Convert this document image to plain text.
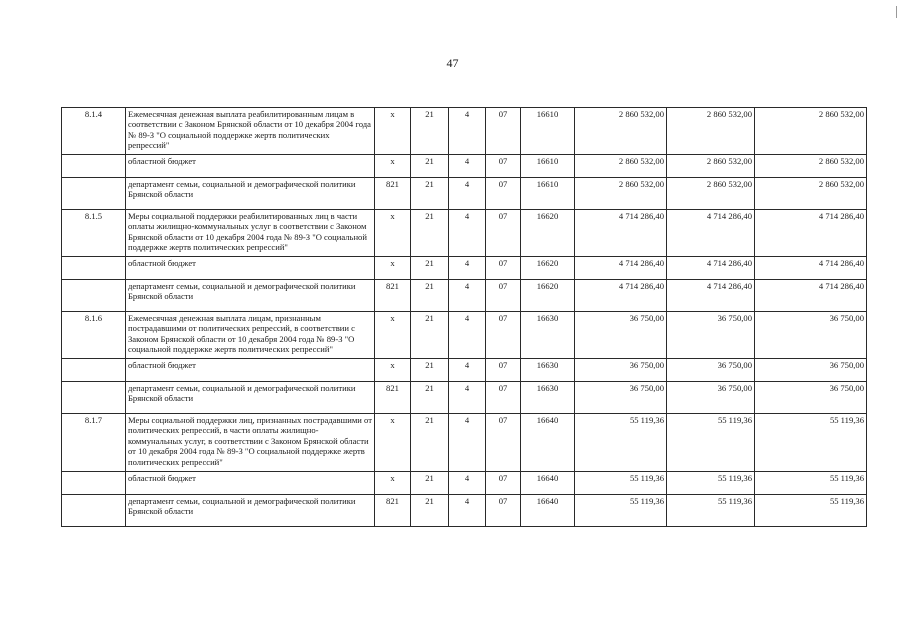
47
8.1.4	Ежемесячная денежная выплата реабилитированным лицам в соответствии с Законом Брянской области от 10 декабря 2004 года № 89-З "О социальной поддержке жертв политических репрессий"	х	21	4	07	16610	2 860 532,00	2 860 532,00	2 860 532,00
	областной бюджет	х	21	4	07	16610	2 860 532,00	2 860 532,00	2 860 532,00
	департамент семьи, социальной и демографической политики Брянской области	821	21	4	07	16610	2 860 532,00	2 860 532,00	2 860 532,00
8.1.5	Меры социальной поддержки реабилитированных лиц в части оплаты жилищно-коммунальных услуг в соответствии с Законом Брянской области от 10 декабря 2004 года № 89-З "О социальной поддержке жертв политических репрессий"	х	21	4	07	16620	4 714 286,40	4 714 286,40	4 714 286,40
	областной бюджет	х	21	4	07	16620	4 714 286,40	4 714 286,40	4 714 286,40
	департамент семьи, социальной и демографической политики Брянской области	821	21	4	07	16620	4 714 286,40	4 714 286,40	4 714 286,40
8.1.6	Ежемесячная денежная выплата лицам, признанным пострадавшими от политических репрессий, в соответствии с Законом Брянской области от 10 декабря 2004 года № 89-З "О социальной поддержке жертв политических репрессий"	х	21	4	07	16630	36 750,00	36 750,00	36 750,00
	областной бюджет	х	21	4	07	16630	36 750,00	36 750,00	36 750,00
	департамент семьи, социальной и демографической политики Брянской области	821	21	4	07	16630	36 750,00	36 750,00	36 750,00
8.1.7	Меры социальной поддержки лиц, признанных пострадавшими от политических репрессий, в части оплаты жилищно-коммунальных услуг, в соответствии с Законом Брянской области от 10 декабря 2004 года № 89-З "О социальной поддержке жертв политических репрессий"	х	21	4	07	16640	55 119,36	55 119,36	55 119,36
	областной бюджет	х	21	4	07	16640	55 119,36	55 119,36	55 119,36
	департамент семьи, социальной и демографической политики Брянской области	821	21	4	07	16640	55 119,36	55 119,36	55 119,36
